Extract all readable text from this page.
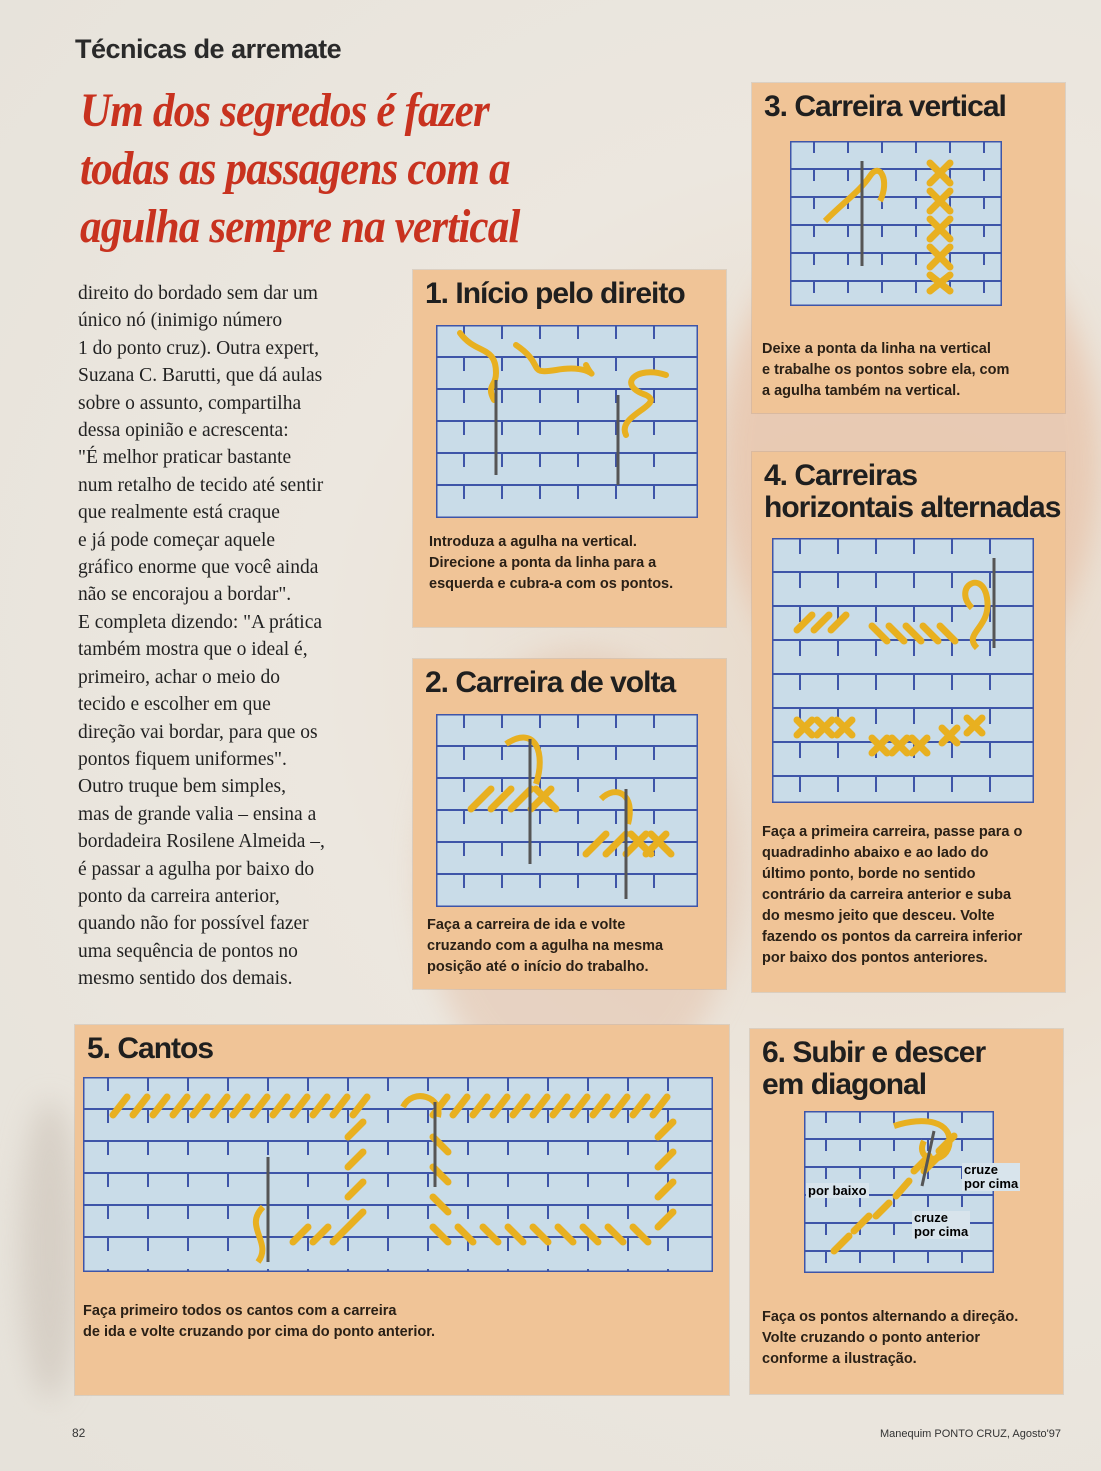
Técnicas de arremate
Um dos segredos é fazer todas as passagens com a agulha sempre na vertical

direito do bordado sem dar um
único nó (inimigo número
1 do ponto cruz). Outra expert,
Suzana C. Barutti, que dá aulas
sobre o assunto, compartilha
dessa opinião e acrescenta:
"É melhor praticar bastante
num retalho de tecido até sentir
que realmente está craque
e já pode começar aquele
gráfico enorme que você ainda
não se encorajou a bordar".
E completa dizendo: "A prática
também mostra que o ideal é,
primeiro, achar o meio do
tecido e escolher em que
direção vai bordar, para que os
pontos fiquem uniformes".
Outro truque bem simples,
mas de grande valia – ensina a
bordadeira Rosilene Almeida –,
é passar a agulha por baixo do
ponto da carreira anterior,
quando não for possível fazer
uma sequência de pontos no
mesmo sentido dos demais.

1. Início pelo direito

Introduza a agulha na vertical.
Direcione a ponta da linha para a
esquerda e cubra-a com os pontos.

2. Carreira de volta

Faça a carreira de ida e volte
cruzando com a agulha na mesma
posição até o início do trabalho.

3. Carreira vertical

Deixe a ponta da linha na vertical
e trabalhe os pontos sobre ela, com
a agulha também na vertical.

4. Carreiras
horizontais alternadas

Faça a primeira carreira, passe para o
quadradinho abaixo e ao lado do
último ponto, borde no sentido
contrário da carreira anterior e suba
do mesmo jeito que desceu. Volte
fazendo os pontos da carreira inferior
por baixo dos pontos anteriores.

5. Cantos

Faça primeiro todos os cantos com a carreira
de ida e volte cruzando por cima do ponto anterior.

6. Subir e descer
em diagonal
por baixo
cruze
por cima
cruze
por cima

Faça os pontos alternando a direção.
Volte cruzando o ponto anterior
conforme a ilustração.

82	Manequim PONTO CRUZ, Agosto'97
